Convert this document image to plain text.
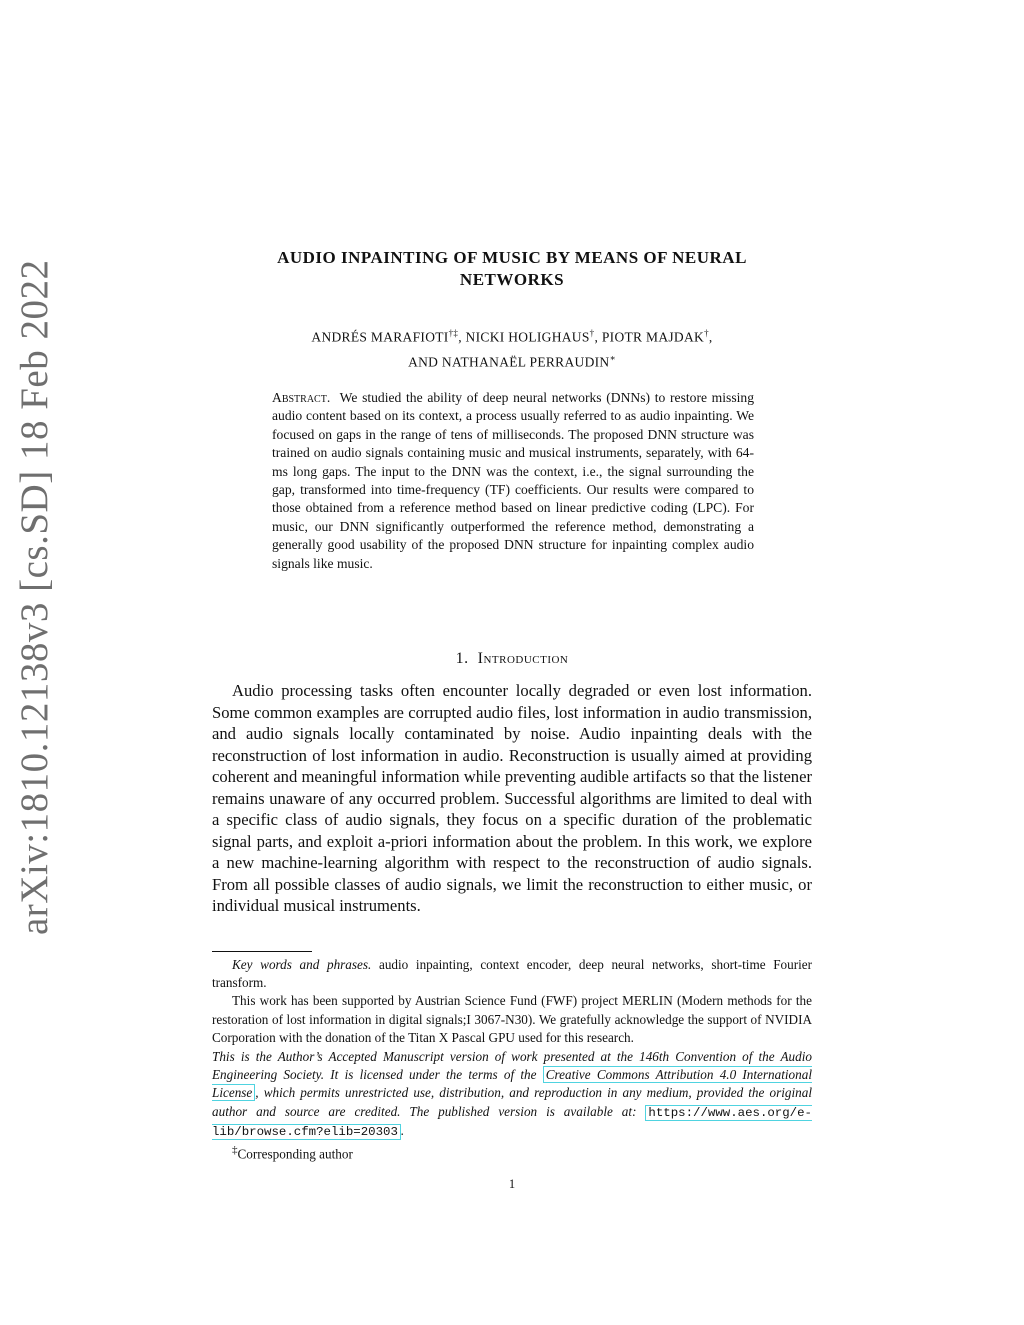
arXiv:1810.12138v3 [cs.SD] 18 Feb 2022
AUDIO INPAINTING OF MUSIC BY MEANS OF NEURAL
NETWORKS
ANDRÉS MARAFIOTI†‡, NICKI HOLIGHAUS†, PIOTR MAJDAK†,
AND NATHANAËL PERRAUDIN∗
Abstract. We studied the ability of deep neural networks (DNNs) to restore missing audio content based on its context, a process usually referred to as audio inpainting. We focused on gaps in the range of tens of milliseconds. The proposed DNN structure was trained on audio signals containing music and musical instruments, separately, with 64-ms long gaps. The input to the DNN was the context, i.e., the signal surrounding the gap, transformed into time-frequency (TF) coefficients. Our results were compared to those obtained from a reference method based on linear predictive coding (LPC). For music, our DNN significantly outperformed the reference method, demonstrating a generally good usability of the proposed DNN structure for inpainting complex audio signals like music.
1. Introduction

Audio processing tasks often encounter locally degraded or even lost information. Some common examples are corrupted audio files, lost information in audio transmission, and audio signals locally contaminated by noise. Audio inpainting deals with the reconstruction of lost information in audio. Reconstruction is usually aimed at providing coherent and meaningful information while preventing audible artifacts so that the listener remains unaware of any occurred problem. Successful algorithms are limited to deal with a specific class of audio signals, they focus on a specific duration of the problematic signal parts, and exploit a-priori information about the problem. In this work, we explore a new machine-learning algorithm with respect to the reconstruction of audio signals. From all possible classes of audio signals, we limit the reconstruction to either music, or individual musical instruments.

Key words and phrases. audio inpainting, context encoder, deep neural networks, short-time Fourier transform.

This work has been supported by Austrian Science Fund (FWF) project MERLIN (Modern methods for the restoration of lost information in digital signals;I 3067-N30). We gratefully acknowledge the support of NVIDIA Corporation with the donation of the Titan X Pascal GPU used for this research.

This is the Author’s Accepted Manuscript version of work presented at the 146th Convention of the Audio Engineering Society. It is licensed under the terms of the Creative Commons Attribution 4.0 International License , which permits unrestricted use, distribution, and reproduction in any medium, provided the original author and source are credited. The published version is available at: https://www.aes.org/e-lib/browse.cfm?elib=20303 .

‡Corresponding author

1
